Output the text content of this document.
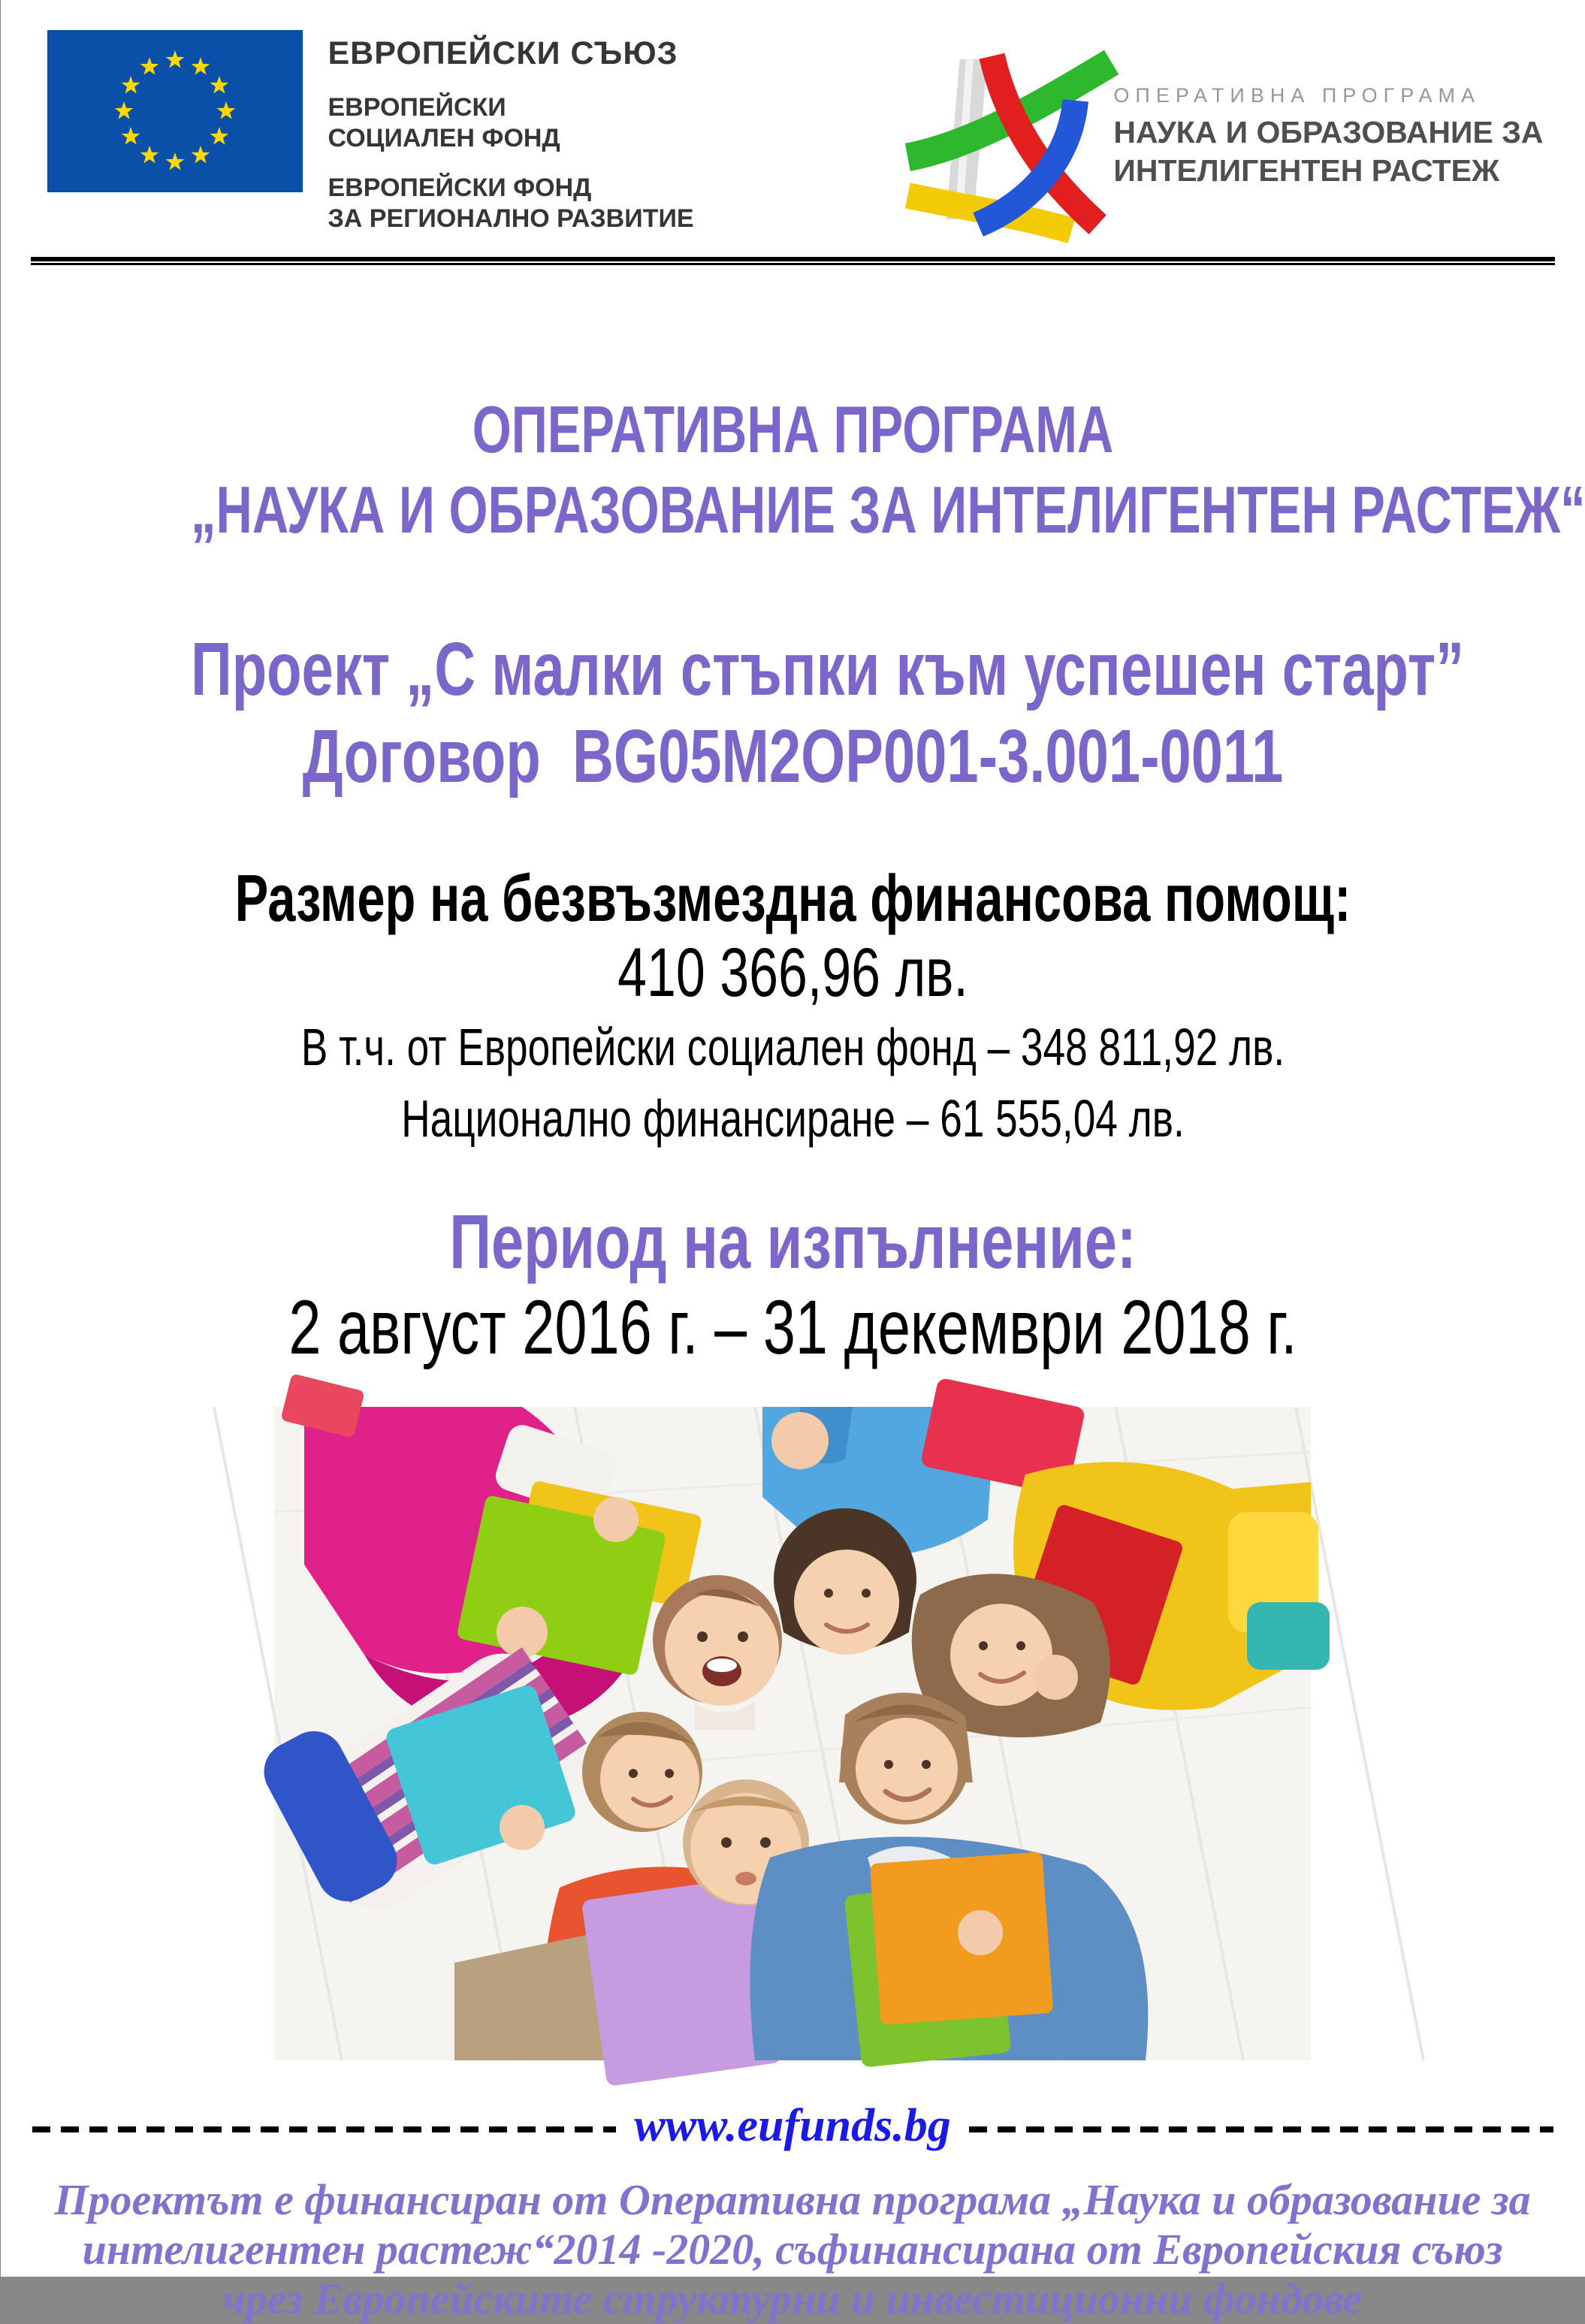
ЕВРОПЕЙСКИ СЪЮЗ
ЕВРОПЕЙСКИ
СОЦИАЛЕН ФОНД
ЕВРОПЕЙСКИ ФОНД
ЗА РЕГИОНАЛНО РАЗВИТИЕ
ОПЕРАТИВНА ПРОГРАМА
НАУКА И ОБРАЗОВАНИЕ ЗА
ИНТЕЛИГЕНТЕН РАСТЕЖ
ОПЕРАТИВНА ПРОГРАМА
„НАУКА И ОБРАЗОВАНИЕ ЗА ИНТЕЛИГЕНТЕН РАСТЕЖ“
Проект „С малки стъпки към успешен старт”
Договор  BG05M2OP001-3.001-0011
Размер на безвъзмездна финансова помощ:
410 366,96 лв.
В т.ч. от Европейски социален фонд – 348 811,92 лв.
Национално финансиране – 61 555,04 лв.
Период на изпълнение:
2 август 2016 г. – 31 декември 2018 г.
www.eufunds.bg
Проектът е финансиран от Оперативна програма „Наука и образование за
интелигентен растеж“2014 -2020, съфинансирана от Европейския съюз
чрез Европейските структурни и инвестиционни фондове
